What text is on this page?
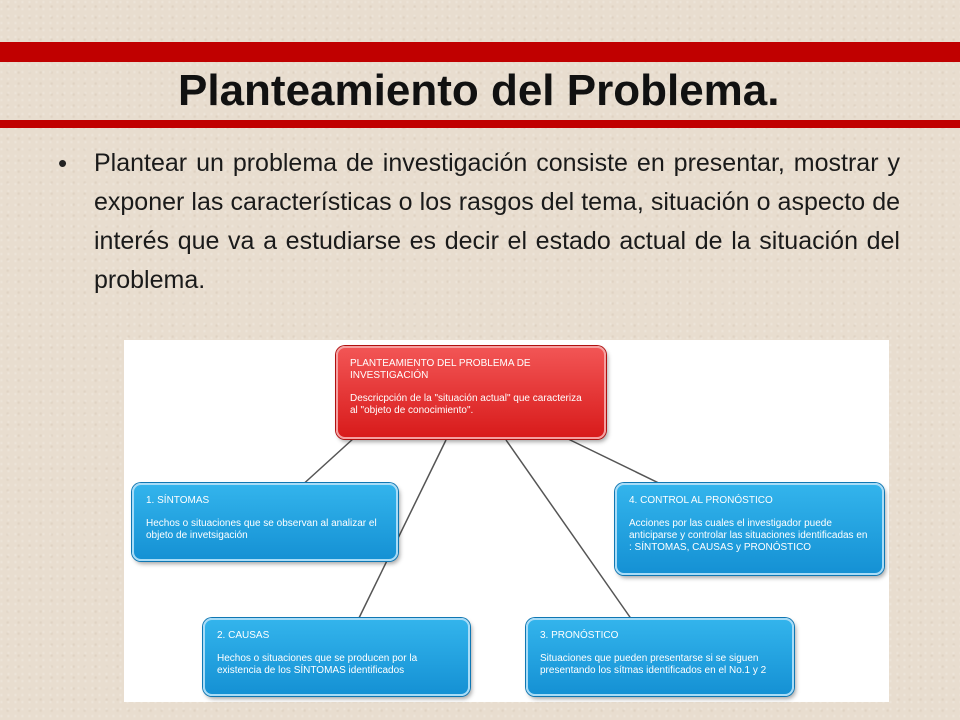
Planteamiento del Problema.
• Plantear un problema de investigación consiste en presentar, mostrar y exponer las características o los rasgos del tema, situación o aspecto de interés que va a estudiarse es decir el estado actual de la situación del problema.

PLANTEAMIENTO DEL PROBLEMA DE INVESTIGACIÓN
Descricpción de la "situación actual" que caracteriza al "objeto de conocimiento".
1. SÍNTOMAS
Hechos o situaciones que se observan al analizar el objeto de invetsigación
4. CONTROL AL PRONÓSTICO
Acciones por las cuales el investigador puede anticiparse y controlar las situaciones identificadas en : SÍNTOMAS, CAUSAS y PRONÓSTICO
2. CAUSAS
Hechos o situaciones que se producen por la existencia de los SÍNTOMAS identificados
3. PRONÓSTICO
Situaciones que pueden presentarse si se siguen presentando los sítmas identificados en el No.1 y 2
